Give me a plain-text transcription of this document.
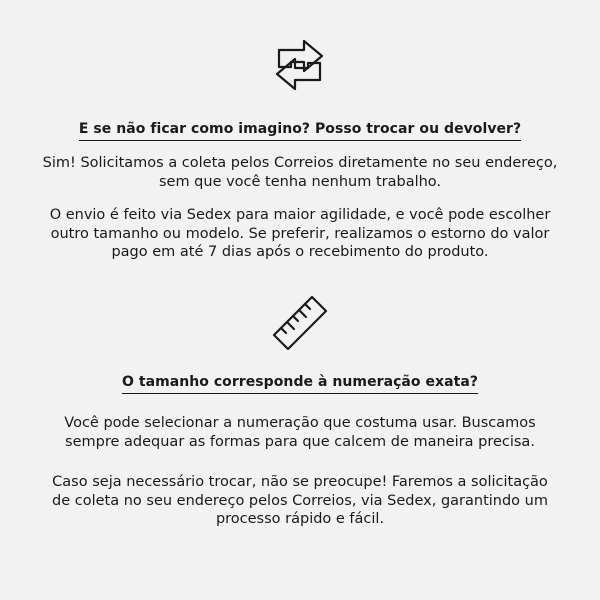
E se não ficar como imagino? Posso trocar ou devolver?

Sim! Solicitamos a coleta pelos Correios diretamente no seu endereço,
sem que você tenha nenhum trabalho.

O envio é feito via Sedex para maior agilidade, e você pode escolher
outro tamanho ou modelo. Se preferir, realizamos o estorno do valor
pago em até 7 dias após o recebimento do produto.

O tamanho corresponde à numeração exata?

Você pode selecionar a numeração que costuma usar. Buscamos
sempre adequar as formas para que calcem de maneira precisa.

Caso seja necessário trocar, não se preocupe! Faremos a solicitação
de coleta no seu endereço pelos Correios, via Sedex, garantindo um
processo rápido e fácil.
